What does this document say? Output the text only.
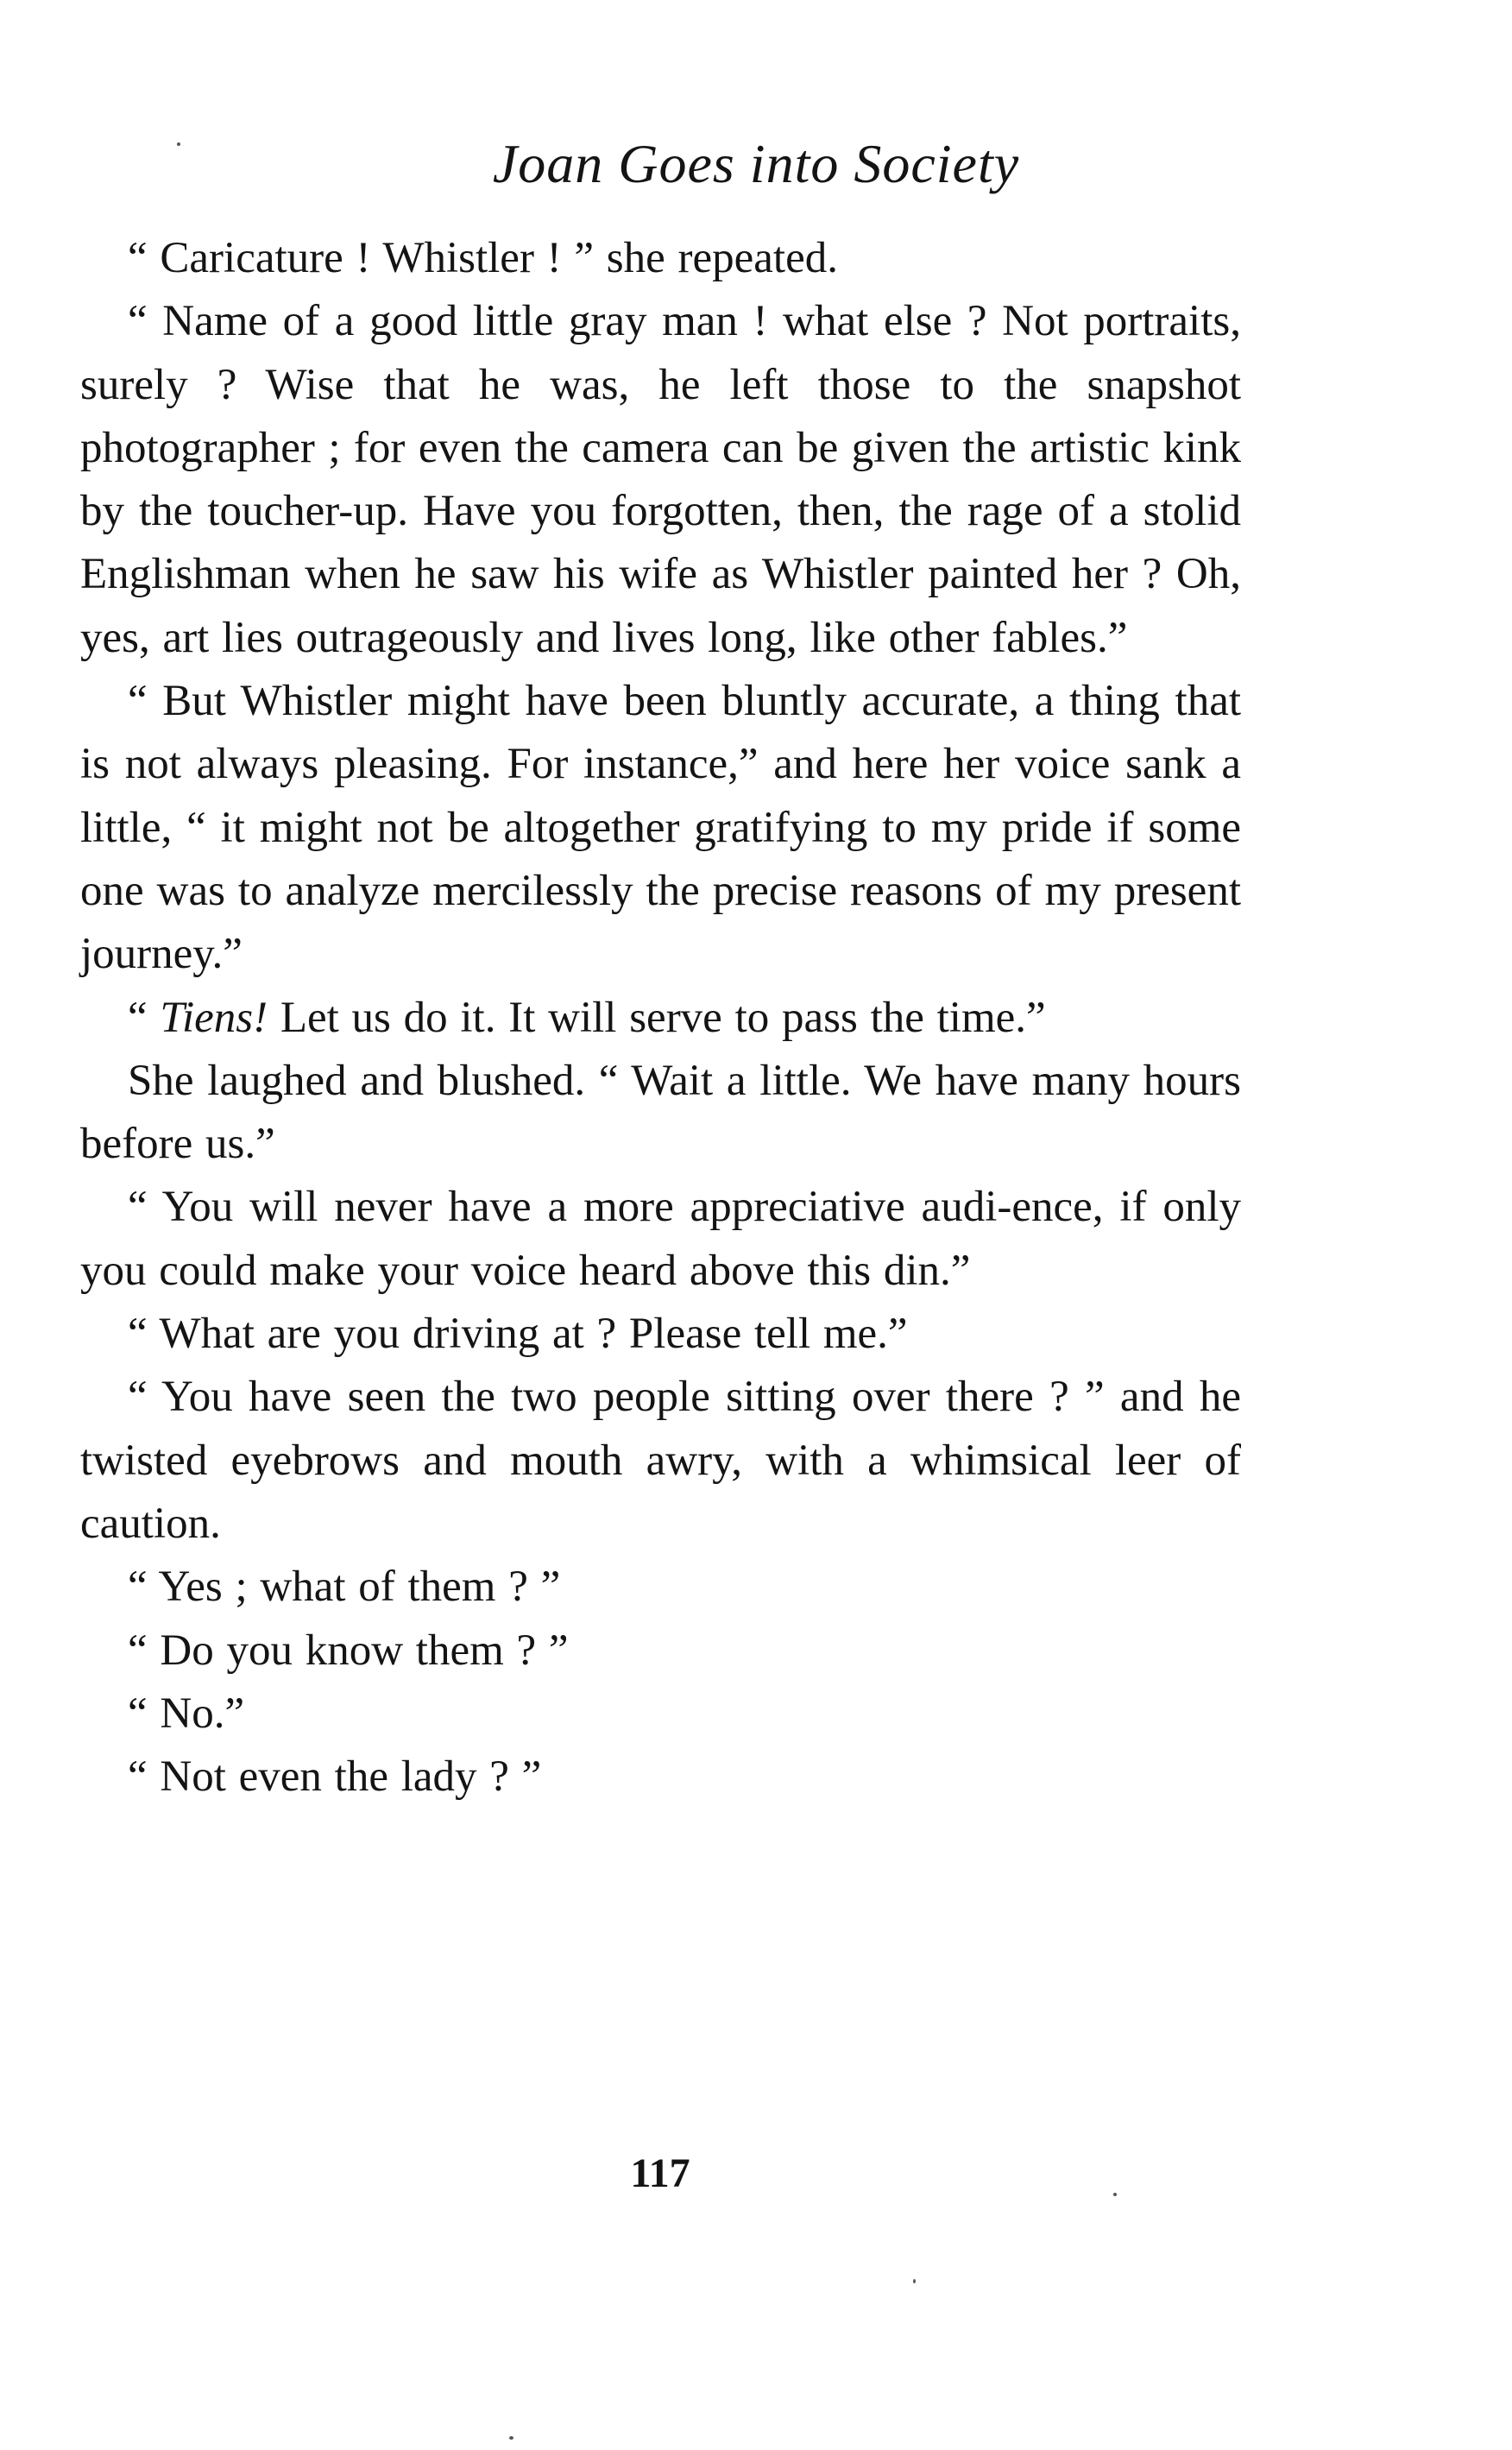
Joan Goes into Society

“ Caricature ! Whistler ! ” she repeated.

“ Name of a good little gray man ! what else ? Not portraits, surely ? Wise that he was, he left those to the snapshot photographer ; for even the camera can be given the artistic kink by the toucher-up. Have you forgotten, then, the rage of a stolid Englishman when he saw his wife as Whistler painted her ? Oh, yes, art lies outrageously and lives long, like other fables.”

“ But Whistler might have been bluntly accurate, a thing that is not always pleasing. For instance,” and here her voice sank a little, “ it might not be altogether gratifying to my pride if some one was to analyze mercilessly the precise reasons of my present journey.”

“ Tiens! Let us do it. It will serve to pass the time.”

She laughed and blushed. “ Wait a little. We have many hours before us.”

“ You will never have a more appreciative audi-ence, if only you could make your voice heard above this din.”

“ What are you driving at ? Please tell me.”

“ You have seen the two people sitting over there ? ” and he twisted eyebrows and mouth awry, with a whimsical leer of caution.

“ Yes ; what of them ? ”

“ Do you know them ? ”

“ No.”

“ Not even the lady ? ”

117
